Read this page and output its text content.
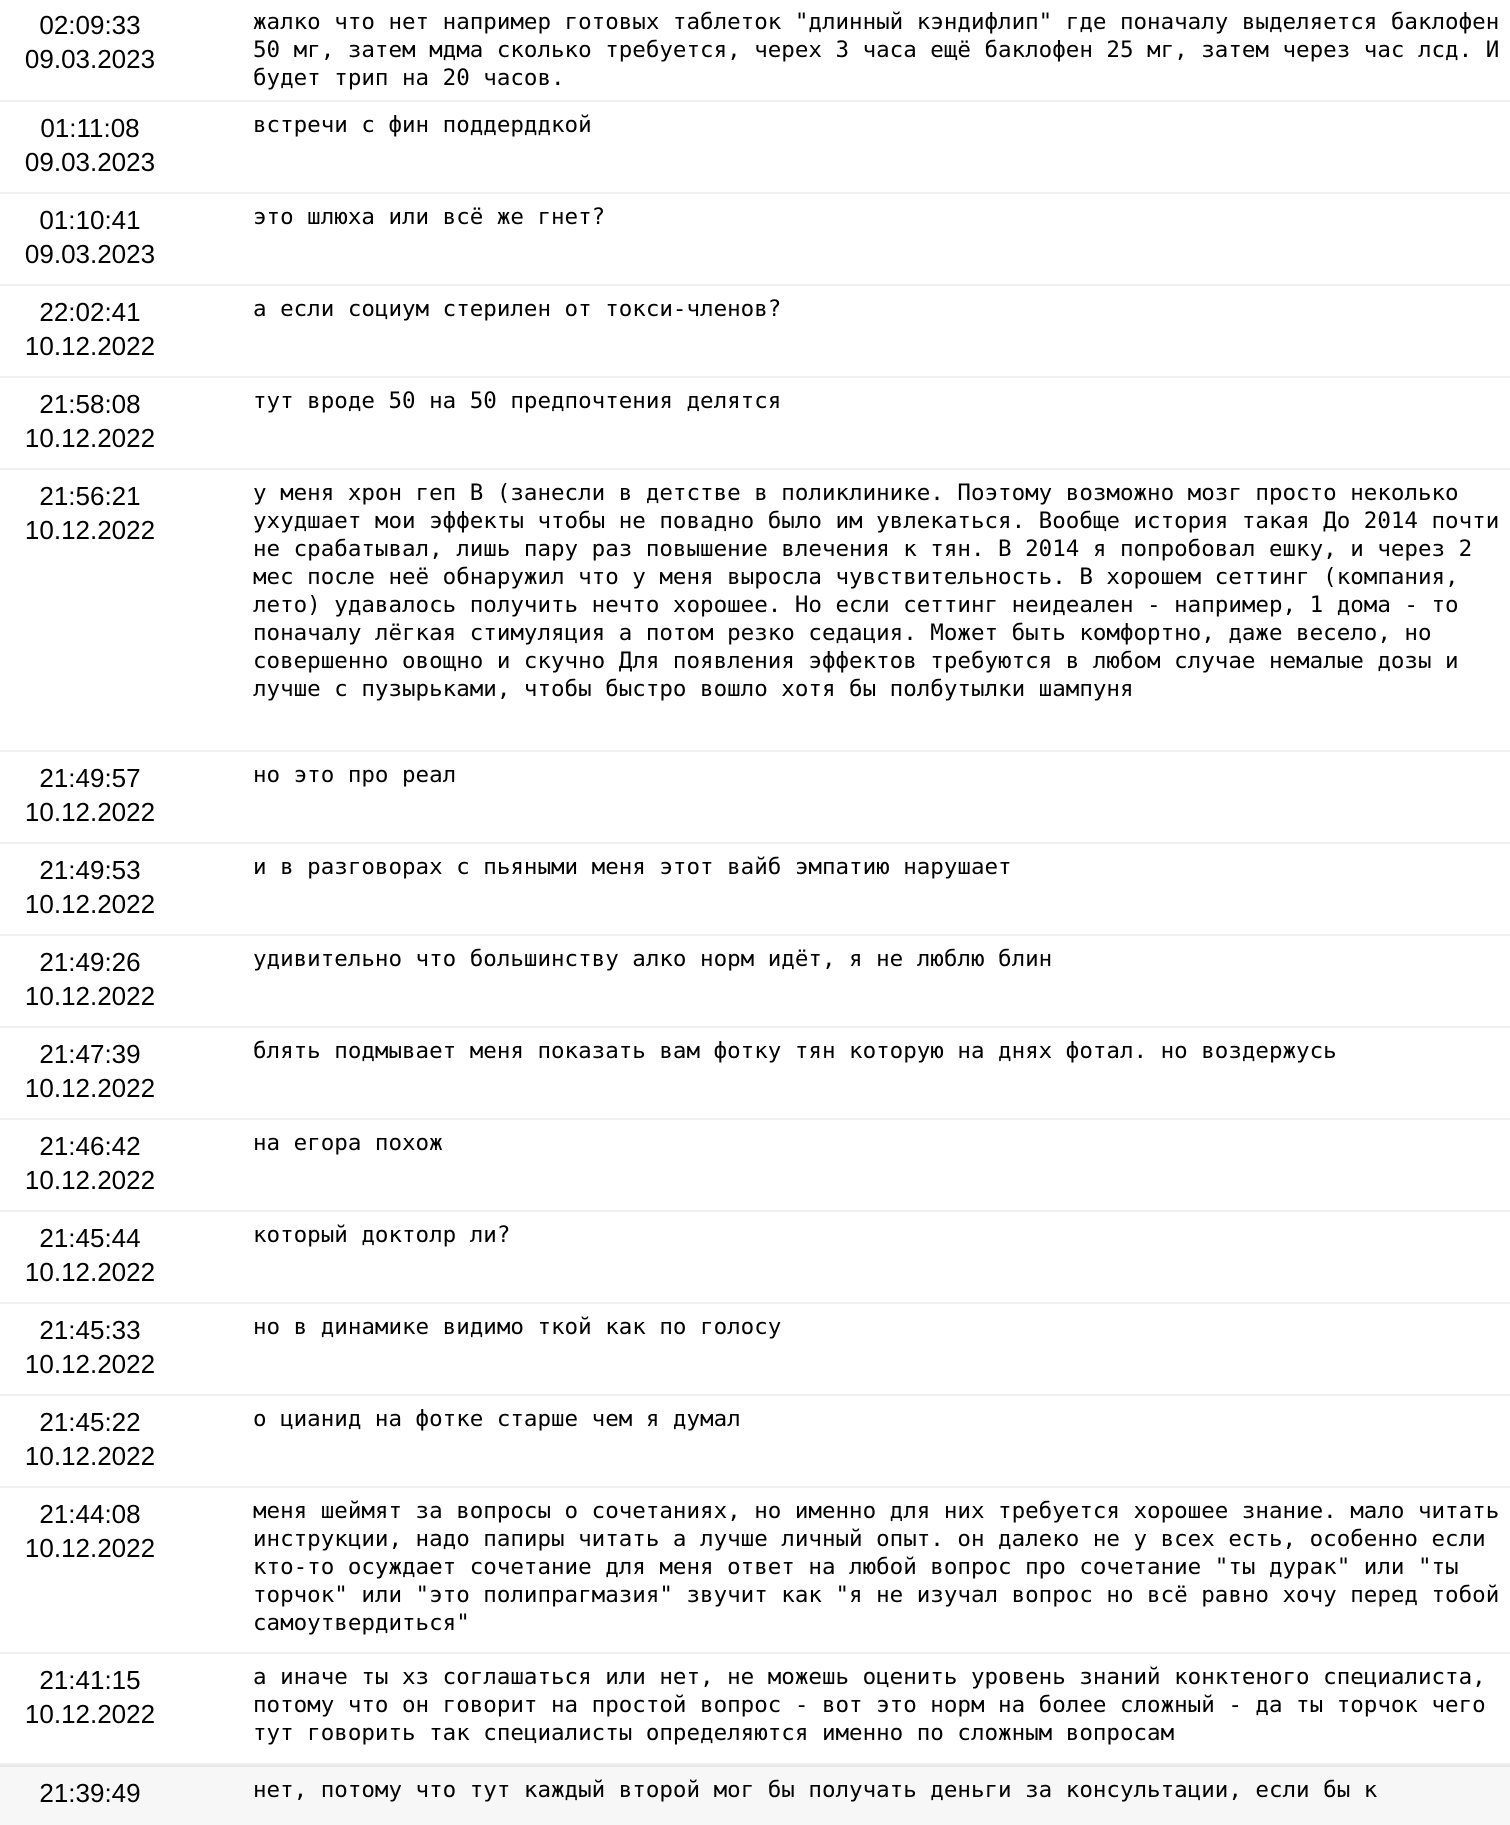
02:09:33
09.03.2023
жалко что нет например готовых таблеток "длинный кэндифлип" где поначалу выделяется баклофен 50 мг, затем мдма сколько требуется, черех 3 часа ещё баклофен 25 мг, затем через час лсд. И будет трип на 20 часов.
01:11:08
09.03.2023
встречи с фин поддерддкой
01:10:41
09.03.2023
это шлюха или всё же гнет?
22:02:41
10.12.2022
а если социум стерилен от токси-членов?
21:58:08
10.12.2022
тут вроде 50 на 50 предпочтения делятся
21:56:21
10.12.2022
у меня хрон геп B (занесли в детстве в поликлинике. Поэтому возможно мозг просто неколько ухудшает мои эффекты чтобы не повадно было им увлекаться. Вообще история такая До 2014 почти не срабатывал, лишь пару раз повышение влечения к тян. В 2014 я попробовал ешку, и через 2 мес после неё обнаружил что у меня выросла чувствительность. В хорошем сеттинг (компания, лето) удавалось получить нечто хорошее. Но если сеттинг неидеален - например, 1 дома - то поначалу лёгкая стимуляция а потом резко седация. Может быть комфортно, даже весело, но совершенно овощно и скучно Для появления эффектов требуются в любом случае немалые дозы и лучше с пузырьками, чтобы быстро вошло хотя бы полбутылки шампуня
21:49:57
10.12.2022
но это про реал
21:49:53
10.12.2022
и в разговорах с пьяными меня этот вайб эмпатию нарушает
21:49:26
10.12.2022
удивительно что большинству алко норм идёт, я не люблю блин
21:47:39
10.12.2022
блять подмывает меня показать вам фотку тян которую на днях фотал. но воздержусь
21:46:42
10.12.2022
на егора похож
21:45:44
10.12.2022
который доктолр ли?
21:45:33
10.12.2022
но в динамике видимо ткой как по голосу
21:45:22
10.12.2022
о цианид на фотке старше чем я думал
21:44:08
10.12.2022
меня шеймят за вопросы о сочетаниях, но именно для них требуется хорошее знание. мало читать инструкции, надо папиры читать а лучше личный опыт. он далеко не у всех есть, особенно если кто-то осуждает сочетание для меня ответ на любой вопрос про сочетание "ты дурак" или "ты торчок" или "это полипрагмазия" звучит как "я не изучал вопрос но всё равно хочу перед тобой самоутвердиться"
21:41:15
10.12.2022
а иначе ты хз соглашаться или нет, не можешь оценить уровень знаний конктеного специалиста, потому что он говорит на простой вопрос - вот это норм на более сложный - да ты торчок чего тут говорить так специалисты определяются именно по сложным вопросам
21:39:49	нет, потому что тут каждый второй мог бы получать деньги за консультации, если бы к
